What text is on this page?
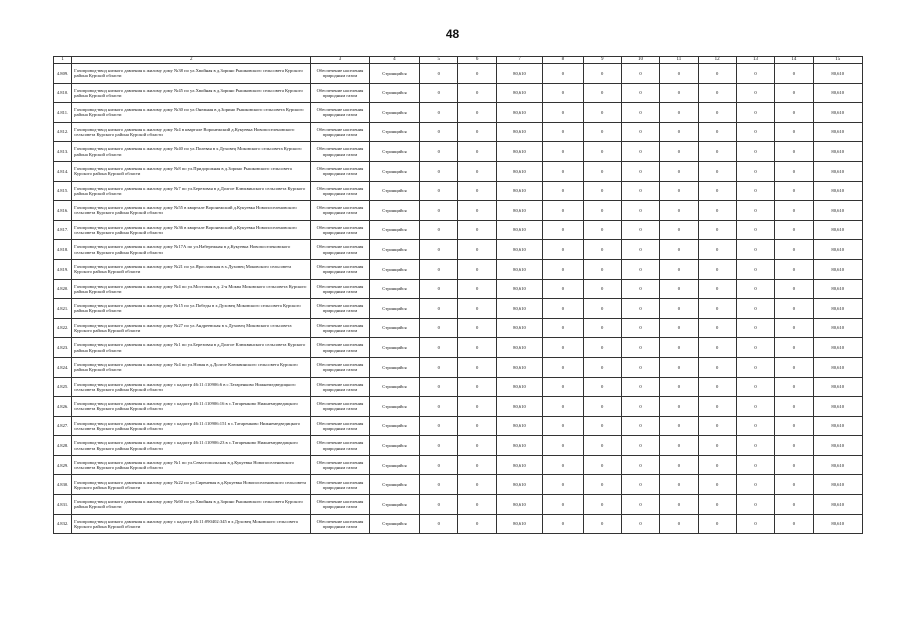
48
1	2	3	4	5	6	7	8	9	10	11	12	13	14	15
4.809.	Газопровод-ввод низкого давления к жилому дому №38 по ул.Хвойная в д.Зорино Рышковского сельсовета Курского района Курской области	Обеспечение населения природным газом	Строящийся	0	0	80,610	0	0	0	0	0	0	0	80,610
4.810.	Газопровод-ввод низкого давления к жилому дому №45 по ул.Хвойная в д.Зорино Рышковского сельсовета Курского района Курской области	Обеспечение населения природным газом	Строящийся	0	0	80,610	0	0	0	0	0	0	0	80,610
4.811.	Газопровод-ввод низкого давления к жилому дому №30 по ул.Онежная в д.Зорино Рышковского сельсовета Курского района Курской области	Обеспечение населения природным газом	Строящийся	0	0	80,610	0	0	0	0	0	0	0	80,610
4.812.	Газопровод-ввод низкого давления к жилому дому №4 в квартале Воронежский д.Кукуевка Новопоселеновского сельсовета Курского района Курской области	Обеспечение населения природным газом	Строящийся	0	0	80,610	0	0	0	0	0	0	0	80,610
4.813.	Газопровод-ввод низкого давления к жилому дому №40 по ул.Полевая в х.Духовец Моковского сельсовета Курского района Курской области	Обеспечение населения природным газом	Строящийся	0	0	80,610	0	0	0	0	0	0	0	80,610
4.814.	Газопровод-ввод низкого давления к жилому дому №8 по ул.Придорожная в д.Зорино Рышковского сельсовета Курского района Курской области	Обеспечение населения природным газом	Строящийся	0	0	80,610	0	0	0	0	0	0	0	80,610
4.815.	Газопровод-ввод низкого давления к жилому дому №7 по ул.Березовая в д.Долгое Клюквинского сельсовета Курского района Курской области	Обеспечение населения природным газом	Строящийся	0	0	80,610	0	0	0	0	0	0	0	80,610
4.816.	Газопровод-ввод низкого давления к жилому дому №55 в квартале Воронежский д.Кукуевка Новопоселеновского сельсовета Курского района Курской области	Обеспечение населения природным газом	Строящийся	0	0	80,610	0	0	0	0	0	0	0	80,610
4.817.	Газопровод-ввод низкого давления к жилому дому №36 в квартале Воронежский д.Кукуевка Новопоселеновского сельсовета Курского района Курской области	Обеспечение населения природным газом	Строящийся	0	0	80,610	0	0	0	0	0	0	0	80,610
4.818.	Газопровод-ввод низкого давления к жилому дому №17А по ул.Набережная в д.Кукуевка Новопоселеновского сельсовета Курского района Курской области	Обеспечение населения природным газом	Строящийся	0	0	80,610	0	0	0	0	0	0	0	80,610
4.819.	Газопровод-ввод низкого давления к жилому дому №21 по ул.Ярославская в х.Духовец Моковского сельсовета Курского района Курской области	Обеспечение населения природным газом	Строящийся	0	0	80,610	0	0	0	0	0	0	0	80,610
4.820.	Газопровод-ввод низкого давления к жилому дому №4 по ул.Мостовая в д. 2-я Моква Моковского сельсовета Курского района Курской области	Обеспечение населения природным газом	Строящийся	0	0	80,610	0	0	0	0	0	0	0	80,610
4.821.	Газопровод-ввод низкого давления к жилому дому №15 по ул.Победы в х.Духовец Моковского сельсовета Курского района Курской области	Обеспечение населения природным газом	Строящийся	0	0	80,610	0	0	0	0	0	0	0	80,610
4.822.	Газопровод-ввод низкого давления к жилому дому №27 по ул.Андреевская в х.Духовец Моковского сельсовета Курского района Курской области	Обеспечение населения природным газом	Строящийся	0	0	80,610	0	0	0	0	0	0	0	80,610
4.823.	Газопровод-ввод низкого давления к жилому дому №1 по ул.Березовая в д.Долгое Клюквинского сельсовета Курского района Курской области	Обеспечение населения природным газом	Строящийся	0	0	80,610	0	0	0	0	0	0	0	80,610
4.824.	Газопровод-ввод низкого давления к жилому дому №4 по ул.Новая в д.Долгое Клюквинского сельсовета Курского района Курской области	Обеспечение населения природным газом	Строящийся	0	0	80,610	0	0	0	0	0	0	0	80,610
4.825.	Газопровод-ввод низкого давления к жилому дому с кадастр 46:11:110906:6 в с.Татаренково Нижнемедведицкого сельсовета Курского района Курской области	Обеспечение населения природным газом	Строящийся	0	0	80,610	0	0	0	0	0	0	0	80,610
4.826.	Газопровод-ввод низкого давления к жилому дому с кадастр 46:11:110906:16 в с.Татаренково Нижнемедведицкого сельсовета Курского района Курской области	Обеспечение населения природным газом	Строящийся	0	0	80,610	0	0	0	0	0	0	0	80,610
4.827.	Газопровод-ввод низкого давления к жилому дому с кадастр 46:11:110906:151 в с.Татаренково Нижнемедведицкого сельсовета Курского района Курской области	Обеспечение населения природным газом	Строящийся	0	0	80,610	0	0	0	0	0	0	0	80,610
4.828.	Газопровод-ввод низкого давления к жилому дому с кадастр 46:11:110906:23 в с.Татаренково Нижнемедведицкого сельсовета Курского района Курской области	Обеспечение населения природным газом	Строящийся	0	0	80,610	0	0	0	0	0	0	0	80,610
4.829.	Газопровод-ввод низкого давления к жилому дому №1 по ул.Севастопольская в д.Кукуевка Новопоселеновского сельсовета Курского района Курской области	Обеспечение населения природным газом	Строящийся	0	0	80,610	0	0	0	0	0	0	0	80,610
4.830.	Газопровод-ввод низкого давления к жилому дому №22 по ул.Сиреневая в д.Кукуевка Новопоселеновского сельсовета Курского района Курской области	Обеспечение населения природным газом	Строящийся	0	0	80,610	0	0	0	0	0	0	0	80,610
4.831.	Газопровод-ввод низкого давления к жилому дому №60 по ул.Хвойная в д.Зорино Рышковского сельсовета Курского района Курской области	Обеспечение населения природным газом	Строящийся	0	0	80,610	0	0	0	0	0	0	0	80,610
4.832.	Газопровод-ввод низкого давления к жилому дому с кадастр 46:11:090402:345 в х.Духовец Моковского сельсовета Курского района Курской области	Обеспечение населения природным газом	Строящийся	0	0	80,610	0	0	0	0	0	0	0	80,610
